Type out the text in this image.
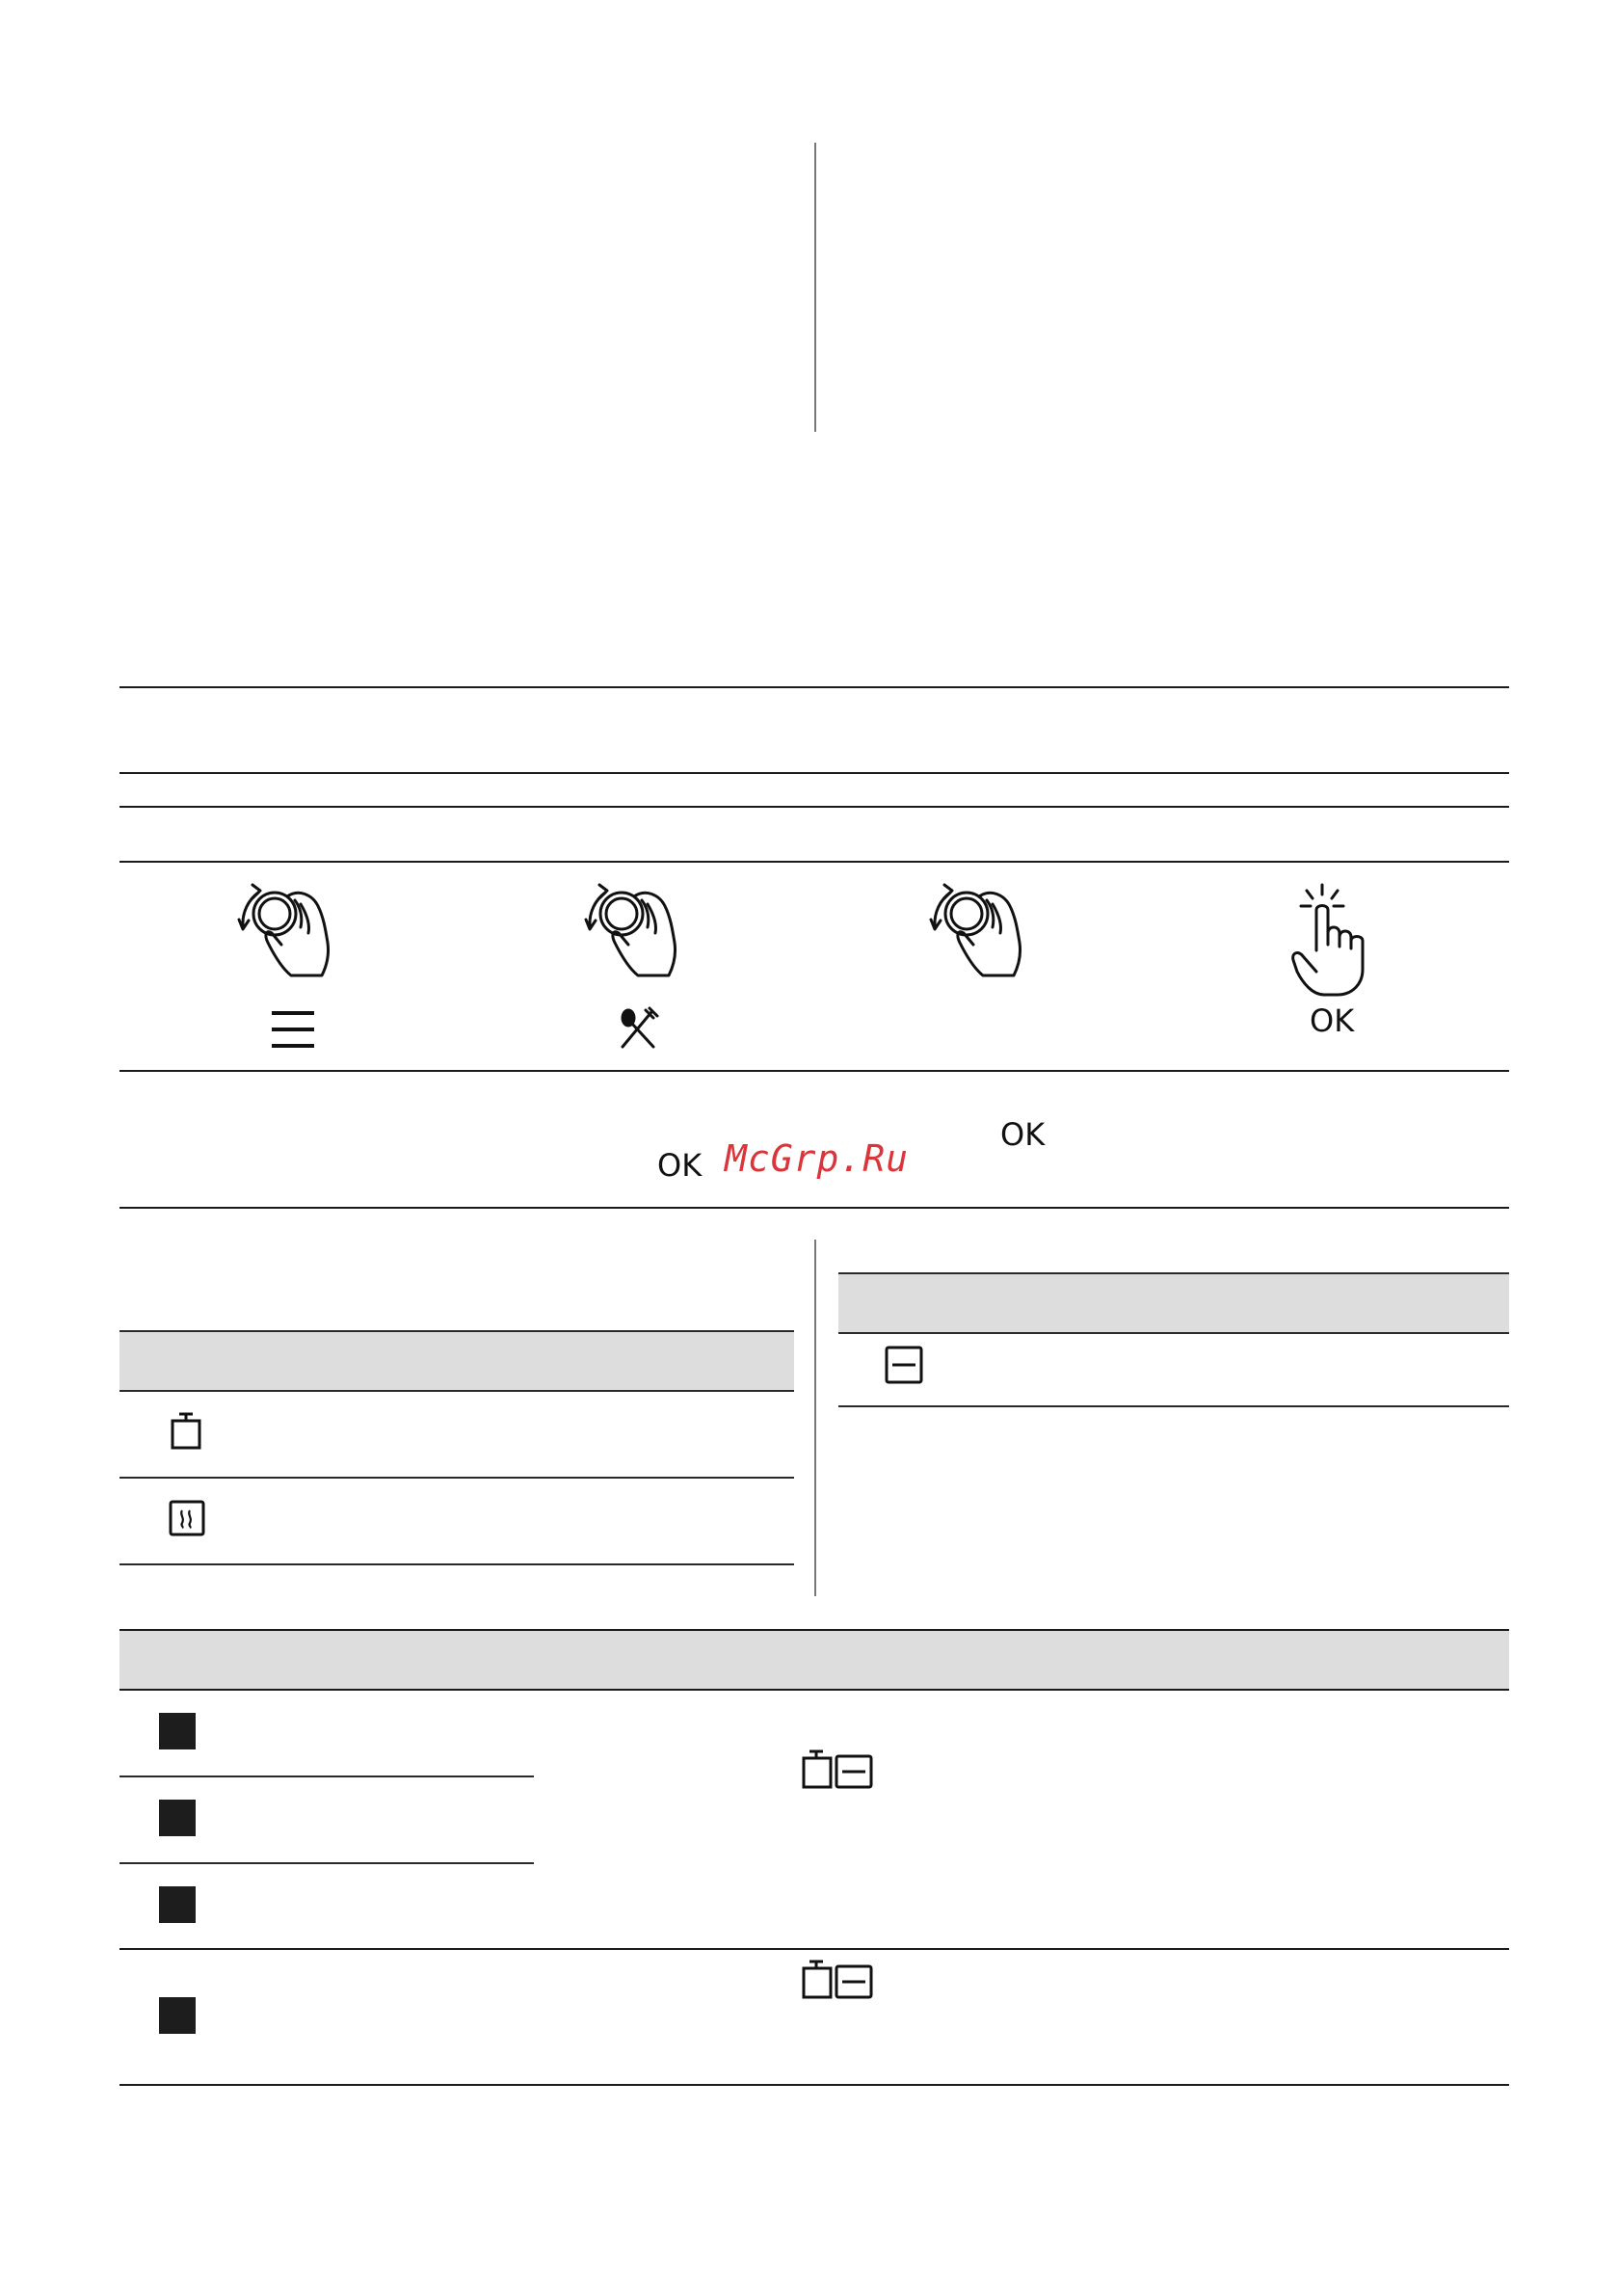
OK
OK
OK McGrp.Ru
